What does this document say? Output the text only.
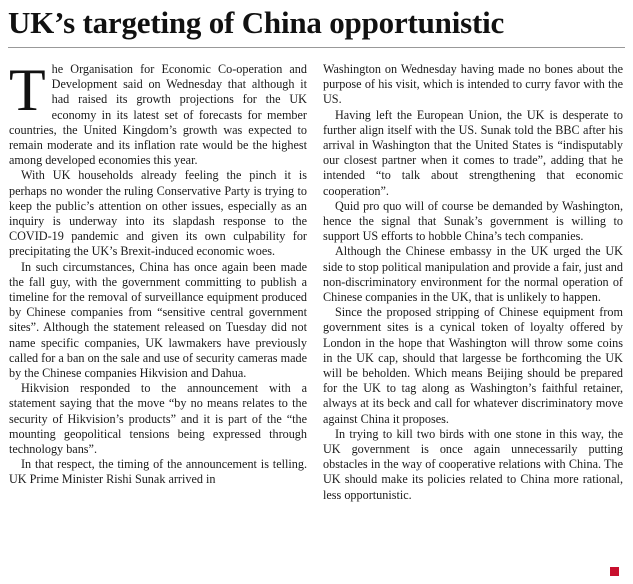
UK’s targeting of China opportunistic

The Organisation for Economic Co-operation and Development said on Wednesday that although it had raised its growth projections for the UK economy in its latest set of forecasts for member countries, the United Kingdom’s growth was expected to remain moderate and its inflation rate would be the highest among developed economies this year.

With UK households already feeling the pinch it is perhaps no wonder the ruling Conservative Party is trying to keep the public’s attention on other issues, especially as an inquiry is underway into its slapdash response to the COVID-19 pandemic and given its own culpability for precipitating the UK’s Brexit-induced economic woes.

In such circumstances, China has once again been made the fall guy, with the government committing to publish a timeline for the removal of surveillance equipment produced by Chinese companies from “sensitive central government sites”. Although the statement released on Tuesday did not name specific companies, UK lawmakers have previously called for a ban on the sale and use of security cameras made by the Chinese companies Hikvision and Dahua.

Hikvision responded to the announcement with a statement saying that the move “by no means relates to the security of Hikvision’s products” and it is part of the “the mounting geopolitical tensions being expressed through technology bans”.

In that respect, the timing of the announcement is telling. UK Prime Minister Rishi Sunak arrived in

Washington on Wednesday having made no bones about the purpose of his visit, which is intended to curry favor with the US.

Having left the European Union, the UK is desperate to further align itself with the US. Sunak told the BBC after his arrival in Washington that the United States is “indisputably our closest partner when it comes to trade”, adding that he intended “to talk about strengthening that economic cooperation”.

Quid pro quo will of course be demanded by Washington, hence the signal that Sunak’s government is willing to support US efforts to hobble China’s tech companies.

Although the Chinese embassy in the UK urged the UK side to stop political manipulation and provide a fair, just and non-discriminatory environment for the normal operation of Chinese companies in the UK, that is unlikely to happen.

Since the proposed stripping of Chinese equipment from government sites is a cynical token of loyalty offered by London in the hope that Washington will throw some coins in the UK cap, should that largesse be forthcoming the UK will be beholden. Which means Beijing should be prepared for the UK to tag along as Washington’s faithful retainer, always at its beck and call for whatever discriminatory move against China it proposes.

In trying to kill two birds with one stone in this way, the UK government is once again unnecessarily putting obstacles in the way of cooperative relations with China. The UK should make its policies related to China more rational, less opportunistic.
